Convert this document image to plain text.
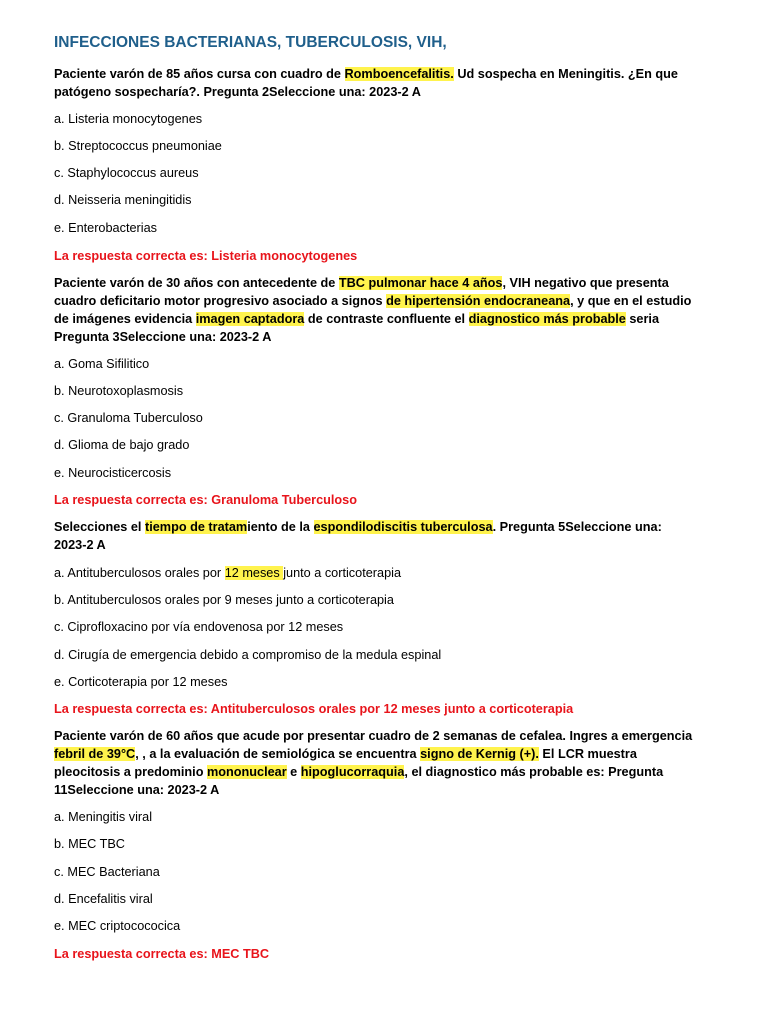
INFECCIONES BACTERIANAS, TUBERCULOSIS, VIH,

Paciente varón de 85 años cursa con cuadro de Romboencefalitis. Ud sospecha en Meningitis. ¿En que patógeno sospecharía?. Pregunta 2Seleccione una: 2023-2 A

a. Listeria monocytogenes

b. Streptococcus pneumoniae

c. Staphylococcus aureus

d. Neisseria meningitidis

e. Enterobacterias

La respuesta correcta es: Listeria monocytogenes

Paciente varón de 30 años con antecedente de TBC pulmonar hace 4 años, VIH negativo que presenta cuadro deficitario motor progresivo asociado a signos de hipertensión endocraneana, y que en el estudio de imágenes evidencia imagen captadora de contraste confluente el diagnostico más probable seria Pregunta 3Seleccione una: 2023-2 A

a. Goma Sifilitico

b. Neurotoxoplasmosis

c. Granuloma Tuberculoso

d. Glioma de bajo grado

e. Neurocisticercosis

La respuesta correcta es: Granuloma Tuberculoso

Selecciones el tiempo de tratamiento de la espondilodiscitis tuberculosa. Pregunta 5Seleccione una: 2023-2 A

a. Antituberculosos orales por 12 meses junto a corticoterapia

b. Antituberculosos orales por 9 meses junto a corticoterapia

c. Ciprofloxacino por vía endovenosa por 12 meses

d. Cirugía de emergencia debido a compromiso de la medula espinal

e. Corticoterapia por 12 meses

La respuesta correcta es: Antituberculosos orales por 12 meses junto a corticoterapia

Paciente varón de 60 años que acude por presentar cuadro de 2 semanas de cefalea. Ingres a emergencia febril de 39°C, , a la evaluación de semiológica se encuentra signo de Kernig (+). El LCR muestra pleocitosis a predominio mononuclear e hipoglucorraquia, el diagnostico más probable es: Pregunta 11Seleccione una: 2023-2 A

a. Meningitis viral

b. MEC TBC

c. MEC Bacteriana

d. Encefalitis viral

e. MEC criptocococica

La respuesta correcta es: MEC TBC
